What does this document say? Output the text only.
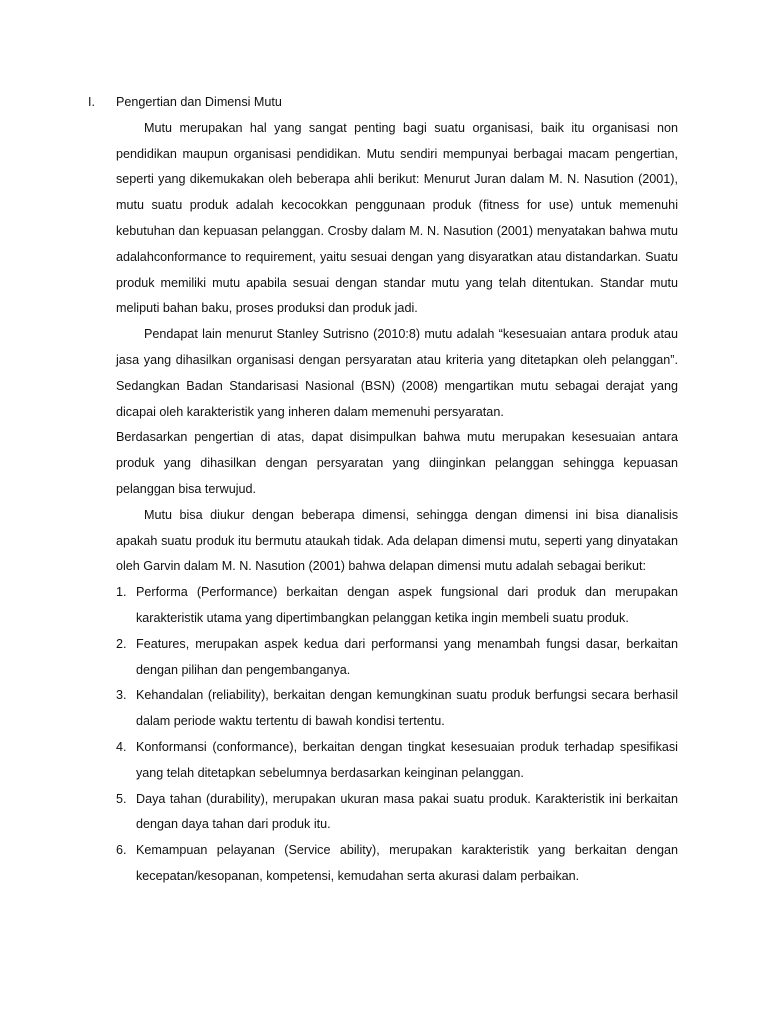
I.	Pengertian dan Dimensi Mutu

Mutu merupakan hal yang sangat penting bagi suatu organisasi, baik itu organisasi non pendidikan maupun organisasi pendidikan. Mutu sendiri mempunyai berbagai macam pengertian, seperti yang dikemukakan oleh beberapa ahli berikut: Menurut Juran dalam M. N. Nasution (2001), mutu suatu produk adalah kecocokkan penggunaan produk (fitness for use) untuk memenuhi kebutuhan dan kepuasan pelanggan. Crosby dalam M. N. Nasution (2001) menyatakan bahwa mutu adalahconformance to requirement, yaitu sesuai dengan yang disyaratkan atau distandarkan. Suatu produk memiliki mutu apabila sesuai dengan standar mutu yang telah ditentukan. Standar mutu meliputi bahan baku, proses produksi dan produk jadi.

Pendapat lain menurut Stanley Sutrisno (2010:8) mutu adalah “kesesuaian antara produk atau jasa yang dihasilkan organisasi dengan persyaratan atau kriteria yang ditetapkan oleh pelanggan”. Sedangkan Badan Standarisasi Nasional (BSN) (2008) mengartikan mutu sebagai derajat yang dicapai oleh karakteristik yang inheren dalam memenuhi persyaratan.

Berdasarkan pengertian di atas, dapat disimpulkan bahwa mutu merupakan kesesuaian antara produk yang dihasilkan dengan persyaratan yang diinginkan pelanggan sehingga kepuasan pelanggan bisa terwujud.

Mutu bisa diukur dengan beberapa dimensi, sehingga dengan dimensi ini bisa dianalisis apakah suatu produk itu bermutu ataukah tidak. Ada delapan dimensi mutu, seperti yang dinyatakan oleh Garvin dalam M. N. Nasution (2001) bahwa delapan dimensi mutu adalah sebagai berikut:

1. Performa (Performance) berkaitan dengan aspek fungsional dari produk dan merupakan karakteristik utama yang dipertimbangkan pelanggan ketika ingin membeli suatu produk.
2. Features, merupakan aspek kedua dari performansi yang menambah fungsi dasar, berkaitan dengan pilihan dan pengembanganya.
3. Kehandalan (reliability), berkaitan dengan kemungkinan suatu produk berfungsi secara berhasil dalam periode waktu tertentu di bawah kondisi tertentu.
4. Konformansi (conformance), berkaitan dengan tingkat kesesuaian produk terhadap spesifikasi yang telah ditetapkan sebelumnya berdasarkan keinginan pelanggan.
5. Daya tahan (durability), merupakan ukuran masa pakai suatu produk. Karakteristik ini berkaitan dengan daya tahan dari produk itu.
6. Kemampuan pelayanan (Service ability), merupakan karakteristik yang berkaitan dengan kecepatan/kesopanan, kompetensi, kemudahan serta akurasi dalam perbaikan.
